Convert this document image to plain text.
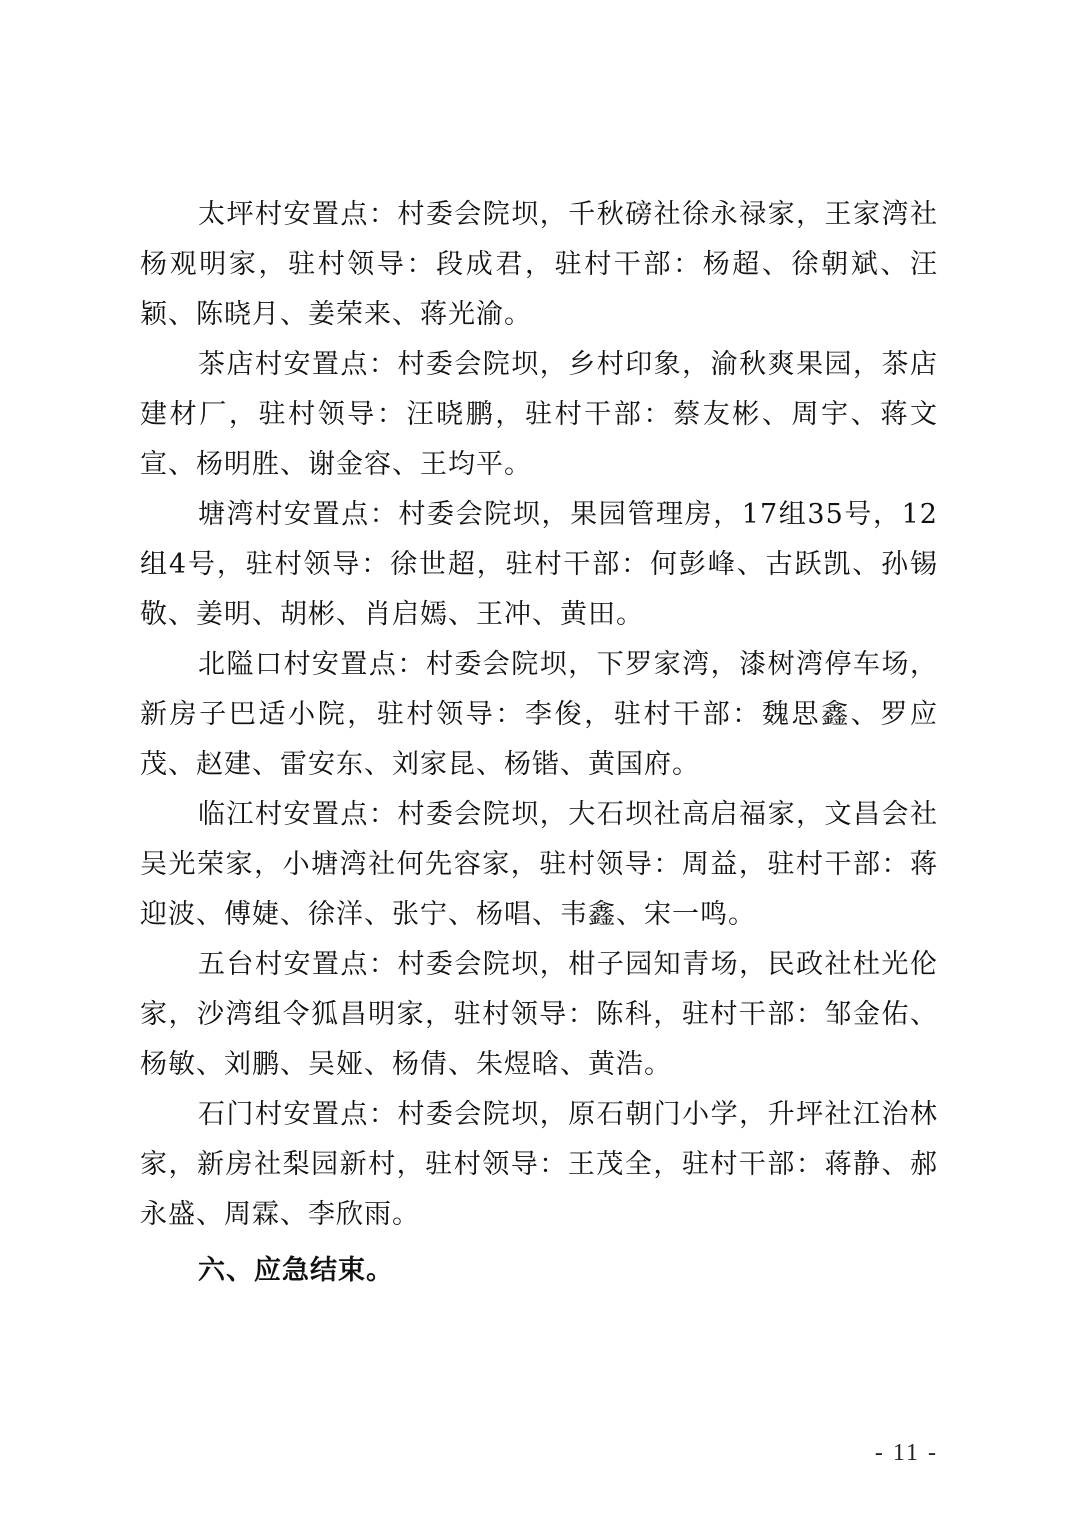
太坪村安置点：村委会院坝，千秋磅社徐永禄家，王家湾社杨观明家，驻村领导：段成君，驻村干部：杨超、徐朝斌、汪颖、陈晓月、姜荣来、蒋光渝。

茶店村安置点：村委会院坝，乡村印象，渝秋爽果园，茶店建材厂，驻村领导：汪晓鹏，驻村干部：蔡友彬、周宇、蒋文宣、杨明胜、谢金容、王均平。

塘湾村安置点：村委会院坝，果园管理房，17组35号，12组4号，驻村领导：徐世超，驻村干部：何彭峰、古跃凯、孙锡敬、姜明、胡彬、肖启嫣、王冲、黄田。

北隘口村安置点：村委会院坝，下罗家湾，漆树湾停车场，新房子巴适小院，驻村领导：李俊，驻村干部：魏思鑫、罗应茂、赵建、雷安东、刘家昆、杨锴、黄国府。

临江村安置点：村委会院坝，大石坝社高启福家，文昌会社吴光荣家，小塘湾社何先容家，驻村领导：周益，驻村干部：蒋迎波、傅婕、徐洋、张宁、杨唱、韦鑫、宋一鸣。

五台村安置点：村委会院坝，柑子园知青场，民政社杜光伦家，沙湾组令狐昌明家，驻村领导：陈科，驻村干部：邹金佑、杨敏、刘鹏、吴娅、杨倩、朱煜晗、黄浩。

石门村安置点：村委会院坝，原石朝门小学，升坪社江治林家，新房社梨园新村，驻村领导：王茂全，驻村干部：蒋静、郝永盛、周霖、李欣雨。

六、应急结束。

- 11 -
